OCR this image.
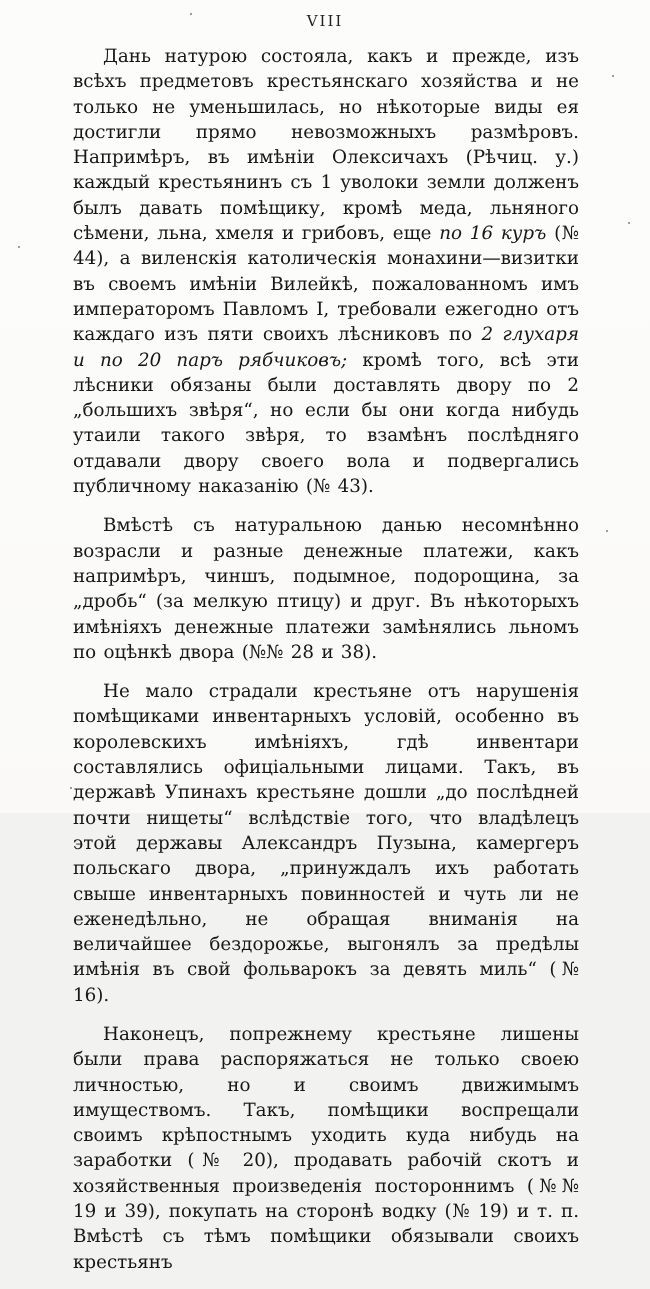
VIII

Дань натурою состояла, какъ и прежде, изъ всѣхъ предметовъ крестьянскаго хозяйства и не только не уменьшилась, но нѣкоторые виды ея достигли прямо невозможныхъ размѣровъ. Напримѣръ, въ имѣніи Олексичахъ (Рѣчиц. у.) каждый крестьянинъ съ 1 уволоки земли долженъ былъ давать помѣщику, кромѣ меда, льняного сѣмени, льна, хмеля и грибовъ, еще по 16 куръ (№ 44), а виленскія католическія монахини—визитки въ своемъ имѣніи Вилейкѣ, пожалованномъ имъ императоромъ Павломъ I, требовали ежегодно отъ каждаго изъ пяти своихъ лѣсниковъ по 2 глухаря и по 20 паръ рябчиковъ; кромѣ того, всѣ эти лѣсники обязаны были доставлять двору по 2 „большихъ звѣря“, но если бы они когда нибудь утаили такого звѣря, то взамѣнъ послѣдняго отдавали двору своего вола и подвергались публичному наказанію (№ 43).

Вмѣстѣ съ натуральною данью несомнѣнно возрасли и разные денежные платежи, какъ напримѣръ, чиншъ, подымное, подорощина, за „дробь“ (за мелкую птицу) и друг. Въ нѣкоторыхъ имѣніяхъ денежные платежи замѣнялись льномъ по оцѣнкѣ двора (№№ 28 и 38).

Не мало страдали крестьяне отъ нарушенія помѣщиками инвентарныхъ условій, особенно въ королевскихъ имѣніяхъ, гдѣ инвентари составлялись офиціальными лицами. Такъ, въ державѣ Упинахъ крестьяне дошли „до послѣдней почти нищеты“ вслѣдствіе того, что владѣлецъ этой державы Александръ Пузына, камергеръ польскаго двора, „принуждалъ ихъ работать свыше инвентарныхъ повинностей и чуть ли не еженедѣльно, не обращая вниманія на величайшее бездорожье, выгонялъ за предѣлы имѣнія въ свой фольварокъ за девять миль“ (№ 16).

Наконецъ, попрежнему крестьяне лишены были права распоряжаться не только своею личностью, но и своимъ движимымъ имуществомъ. Такъ, помѣщики воспрещали своимъ крѣпостнымъ уходить куда нибудь на заработки (№ 20), продавать рабочій скотъ и хозяйственныя произведенія постороннимъ (№№ 19 и 39), покупать на сторонѣ водку (№ 19) и т. п. Вмѣстѣ съ тѣмъ помѣщики обязывали своихъ крестьянъ
